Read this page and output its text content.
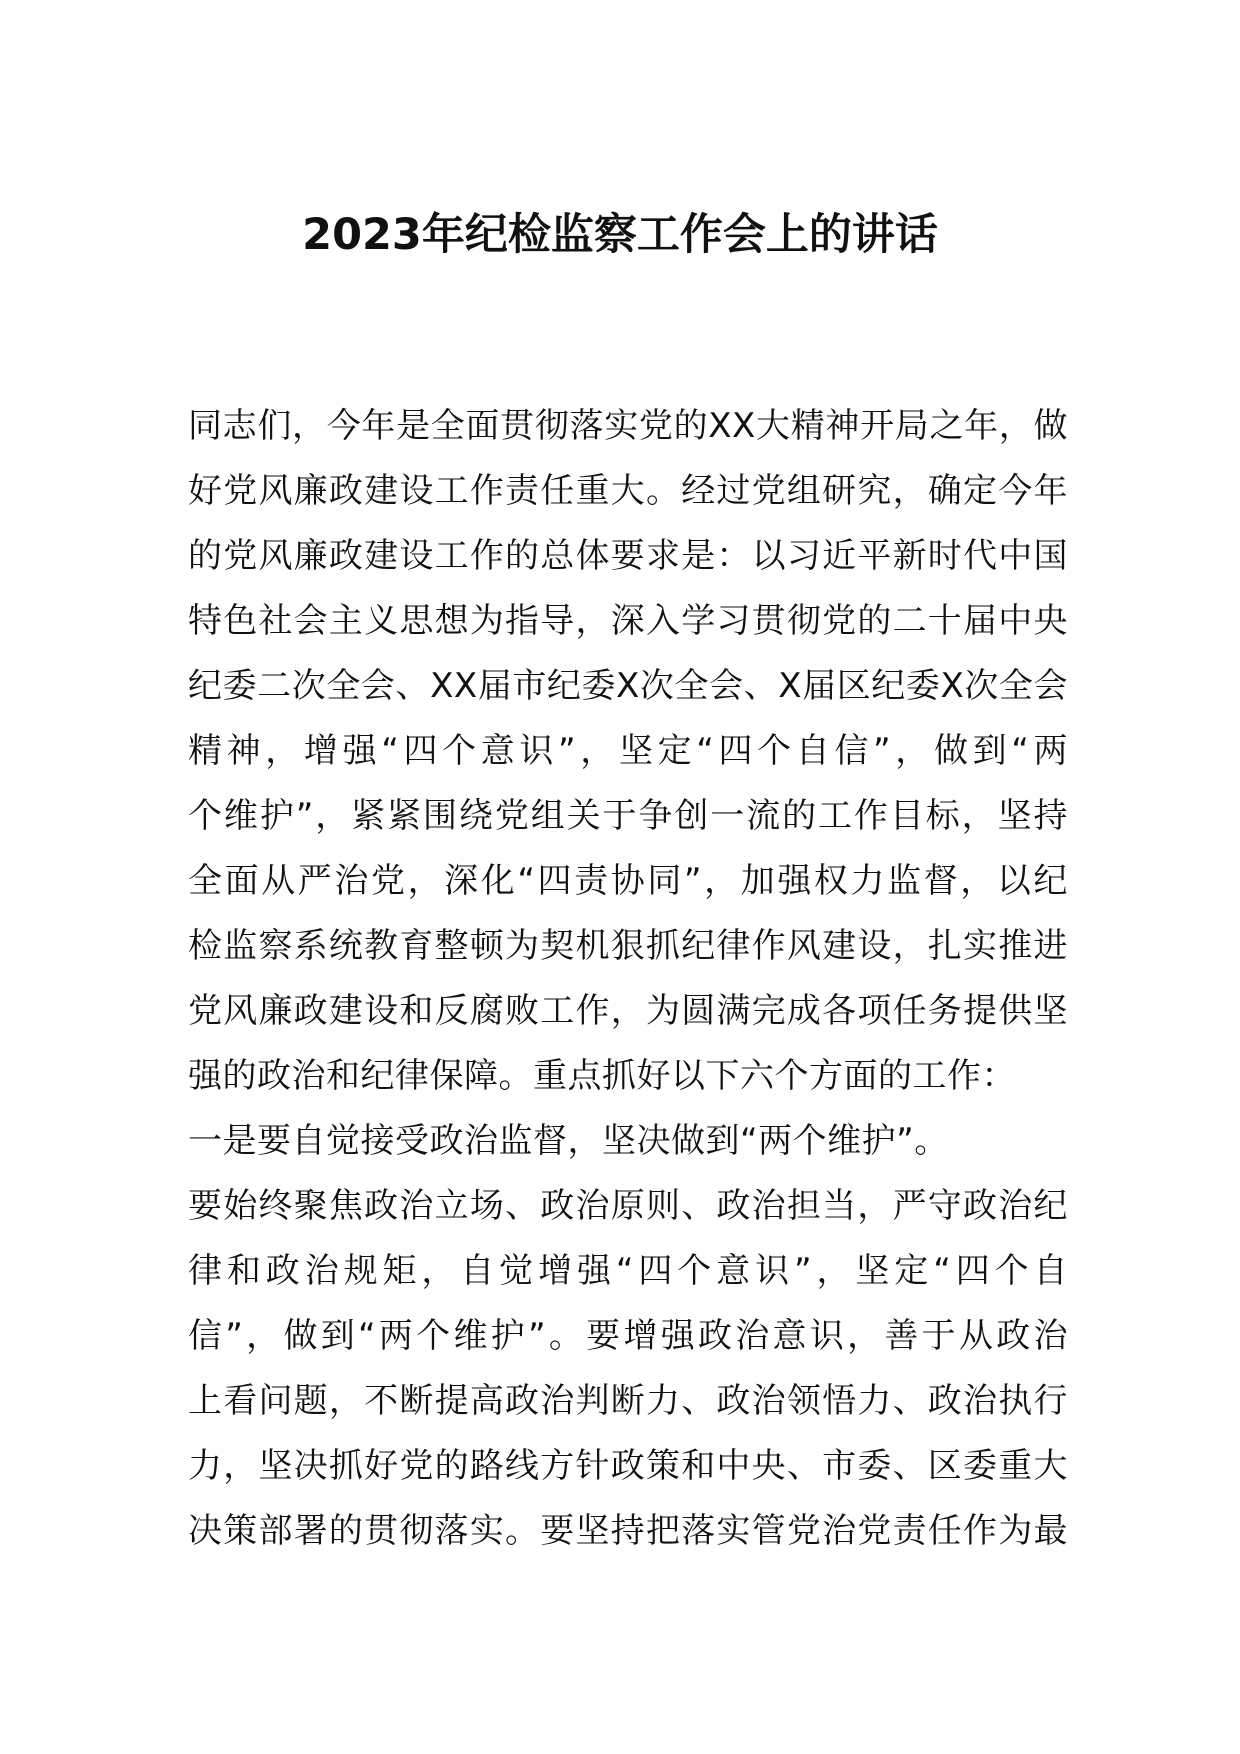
2023年纪检监察工作会上的讲话
同志们，今年是全面贯彻落实党的XX大精神开局之年，做
好党风廉政建设工作责任重大。经过党组研究，确定今年
的党风廉政建设工作的总体要求是：以习近平新时代中国
特色社会主义思想为指导，深入学习贯彻党的二十届中央
纪委二次全会、XX届市纪委X次全会、X届区纪委X次全会
精神，增强“四个意识”，坚定“四个自信”，做到“两
个维护”，紧紧围绕党组关于争创一流的工作目标，坚持
全面从严治党，深化“四责协同”，加强权力监督，以纪
检监察系统教育整顿为契机狠抓纪律作风建设，扎实推进
党风廉政建设和反腐败工作，为圆满完成各项任务提供坚
强的政治和纪律保障。重点抓好以下六个方面的工作：
一是要自觉接受政治监督，坚决做到“两个维护”。
要始终聚焦政治立场、政治原则、政治担当，严守政治纪
律和政治规矩，自觉增强“四个意识”，坚定“四个自
信”，做到“两个维护”。要增强政治意识，善于从政治
上看问题，不断提高政治判断力、政治领悟力、政治执行
力，坚决抓好党的路线方针政策和中央、市委、区委重大
决策部署的贯彻落实。要坚持把落实管党治党责任作为最
